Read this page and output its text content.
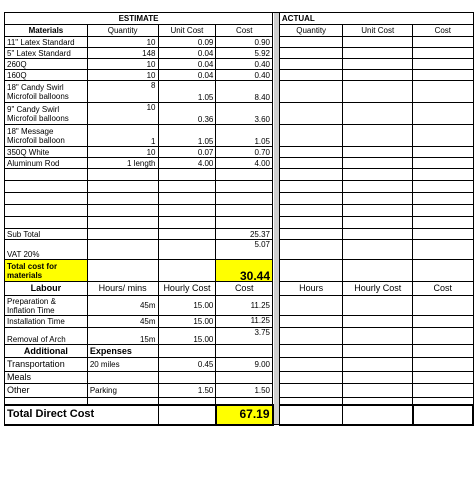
ESTIMATE					ACTUAL		
Materials	Quantity	Unit Cost	Cost		Quantity	Unit Cost	Cost
11" Latex Standard	10	0.09	0.90				
5" Latex Standard	148	0.04	5.92				
260Q	10	0.04	0.40				
160Q	10	0.04	0.40				
18" Candy Swirl Microfoil balloons	8	1.05	8.40				
9" Candy Swirl Microfoil balloons	10	0.36	3.60				
18" Message Microfoil balloon	1	1.05	1.05				
350Q White	10	0.07	0.70				
Aluminum Rod	1 length	4.00	4.00				

Sub Total			25.37				
VAT 20%			5.07				
Total cost for materials			30.44				
Labour	Hours/ mins	Hourly Cost	Cost		Hours	Hourly Cost	Cost
Preparation & Inflation Time	45m	15.00	11.25				
Installation Time	45m	15.00	11.25				
Removal of Arch	15m	15.00	3.75				
Additional	Expenses						
Transportation	20 miles	0.45	9.00				
Meals							
Other	Parking	1.50	1.50				

Total Direct Cost			67.19				
